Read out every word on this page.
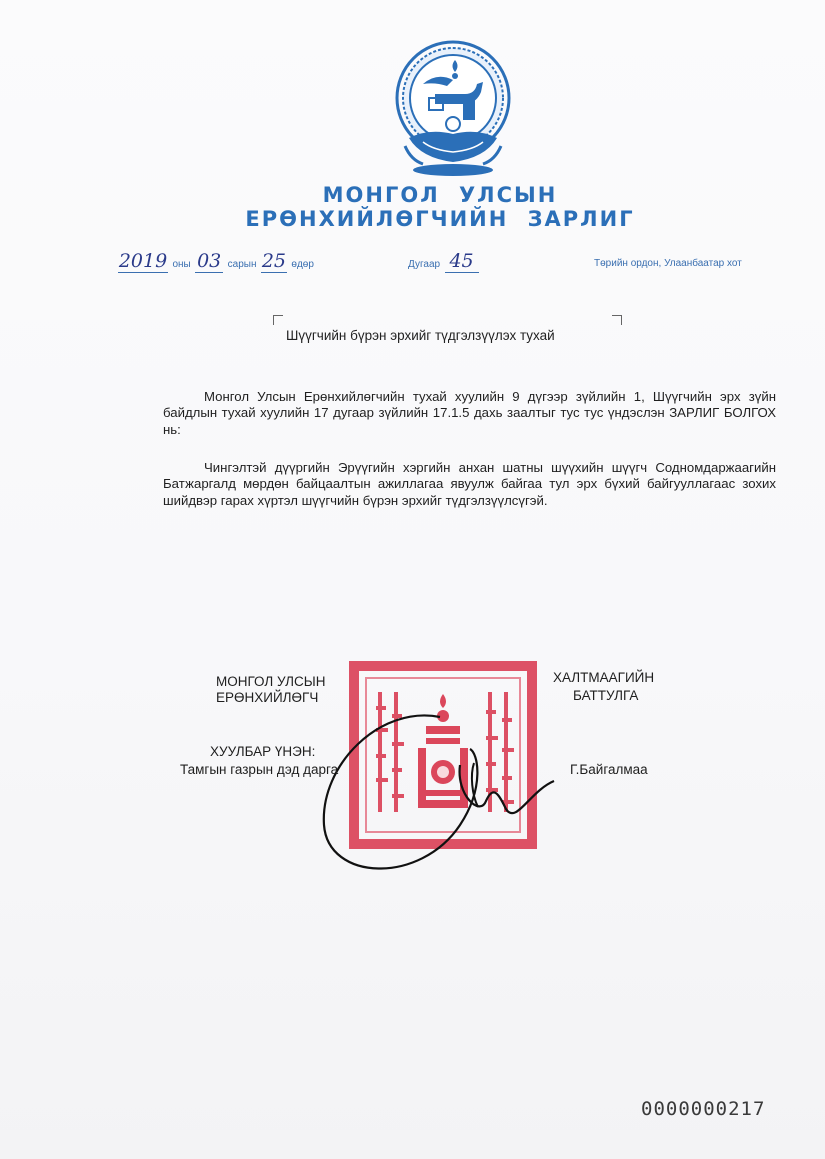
МОНГОЛ УЛСЫН
ЕРӨНХИЙЛӨГЧИЙН ЗАРЛИГ
2019 оны 03 сарын 25 өдөр	Дугаар 45	Төрийн ордон, Улаанбаатар хот
Шүүгчийн бүрэн эрхийг түдгэлзүүлэх тухай
Монгол Улсын Ерөнхийлөгчийн тухай хуулийн 9 дүгээр зүйлийн 1, Шүүгчийн эрх зүйн байдлын тухай хуулийн 17 дугаар зүйлийн 17.1.5 дахь заалтыг тус тус үндэслэн ЗАРЛИГ БОЛГОХ нь:
Чингэлтэй дүүргийн Эрүүгийн хэргийн анхан шатны шүүхийн шүүгч Содномдаржаагийн Батжаргалд мөрдөн байцаалтын ажиллагаа явуулж байгаа тул эрх бүхий байгууллагаас зохих шийдвэр гарах хүртэл шүүгчийн бүрэн эрхийг түдгэлзүүлсүгэй.
МОНГОЛ УЛСЫН
ЕРӨНХИЙЛӨГЧ
ХАЛТМААГИЙН
БАТТУЛГА
ХУУЛБАР ҮНЭН:
Тамгын газрын дэд дарга	Г.Байгалмаа
0000000217
